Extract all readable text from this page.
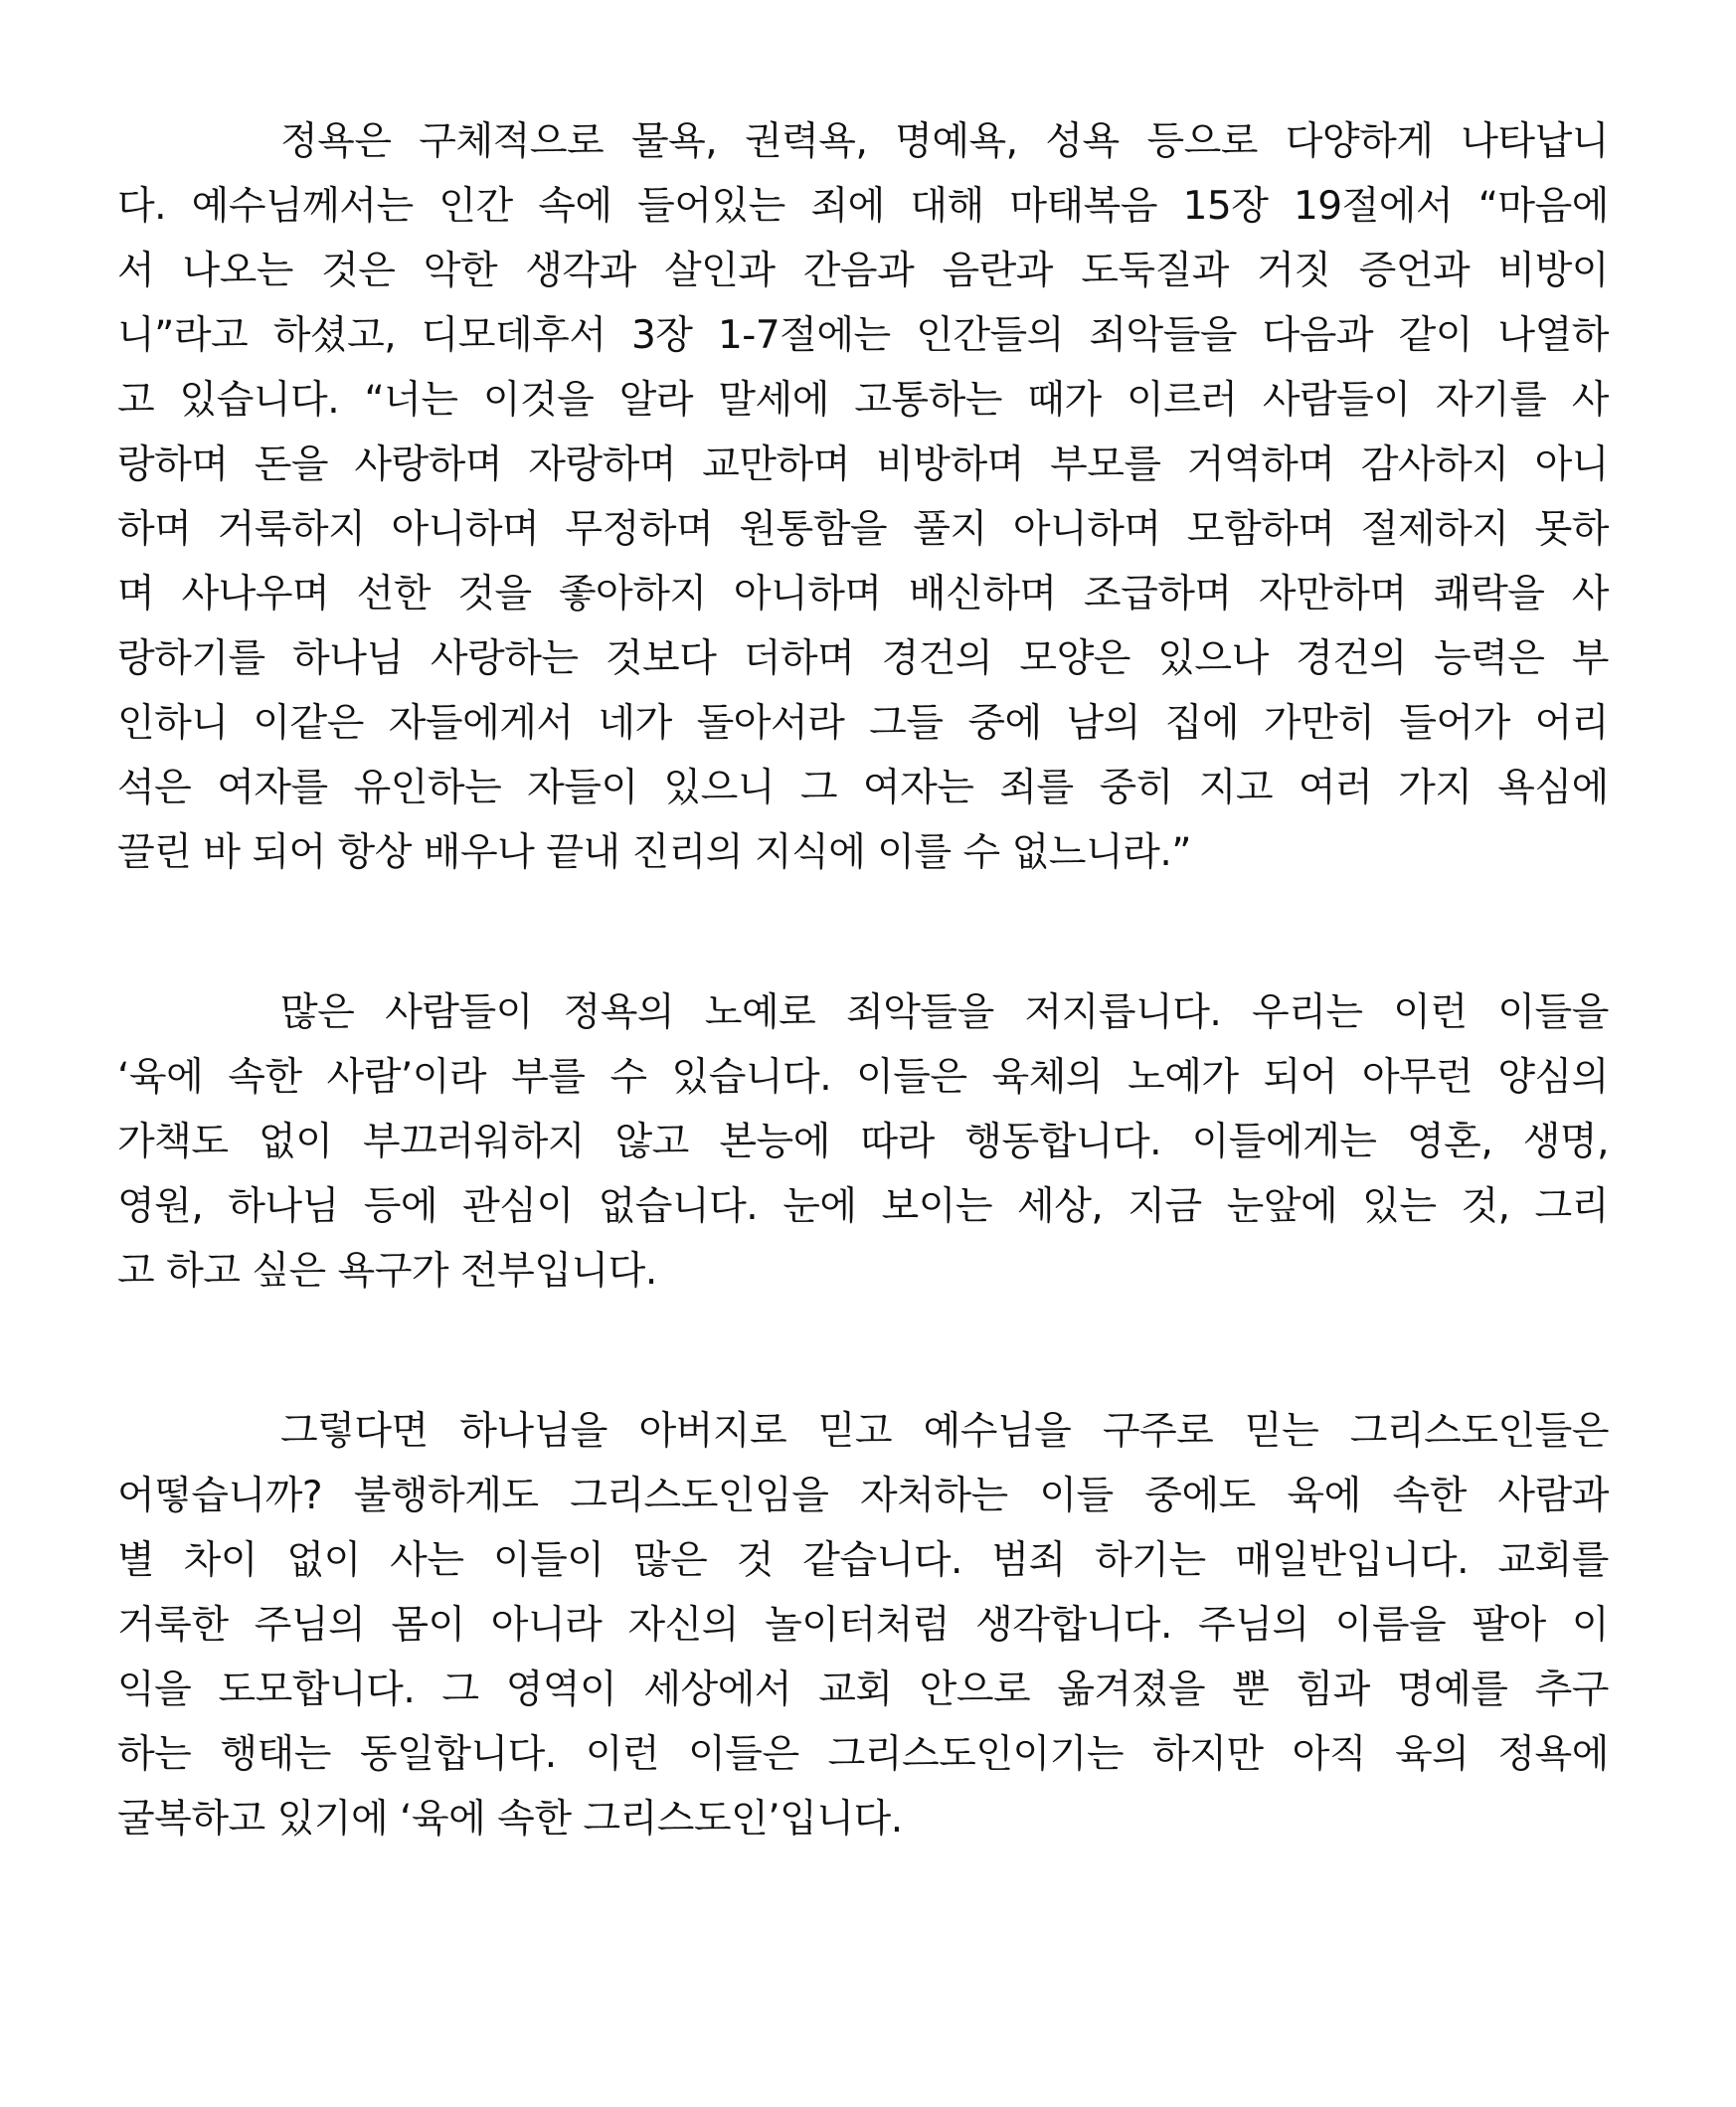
정욕은 구체적으로 물욕, 권력욕, 명예욕, 성욕 등으로 다양하게 나타납니
다. 예수님께서는 인간 속에 들어있는 죄에 대해 마태복음 15장 19절에서 “마음에
서 나오는 것은 악한 생각과 살인과 간음과 음란과 도둑질과 거짓 증언과 비방이
니”라고 하셨고, 디모데후서 3장 1-7절에는 인간들의 죄악들을 다음과 같이 나열하
고 있습니다. “너는 이것을 알라 말세에 고통하는 때가 이르러 사람들이 자기를 사
랑하며 돈을 사랑하며 자랑하며 교만하며 비방하며 부모를 거역하며 감사하지 아니
하며 거룩하지 아니하며 무정하며 원통함을 풀지 아니하며 모함하며 절제하지 못하
며 사나우며 선한 것을 좋아하지 아니하며 배신하며 조급하며 자만하며 쾌락을 사
랑하기를 하나님 사랑하는 것보다 더하며 경건의 모양은 있으나 경건의 능력은 부
인하니 이같은 자들에게서 네가 돌아서라 그들 중에 남의 집에 가만히 들어가 어리
석은 여자를 유인하는 자들이 있으니 그 여자는 죄를 중히 지고 여러 가지 욕심에
끌린 바 되어 항상 배우나 끝내 진리의 지식에 이를 수 없느니라.”
많은 사람들이 정욕의 노예로 죄악들을 저지릅니다. 우리는 이런 이들을
‘육에 속한 사람’이라 부를 수 있습니다. 이들은 육체의 노예가 되어 아무런 양심의
가책도 없이 부끄러워하지 않고 본능에 따라 행동합니다. 이들에게는 영혼, 생명,
영원, 하나님 등에 관심이 없습니다. 눈에 보이는 세상, 지금 눈앞에 있는 것, 그리
고 하고 싶은 욕구가 전부입니다.
그렇다면 하나님을 아버지로 믿고 예수님을 구주로 믿는 그리스도인들은
어떻습니까? 불행하게도 그리스도인임을 자처하는 이들 중에도 육에 속한 사람과
별 차이 없이 사는 이들이 많은 것 같습니다. 범죄 하기는 매일반입니다. 교회를
거룩한 주님의 몸이 아니라 자신의 놀이터처럼 생각합니다. 주님의 이름을 팔아 이
익을 도모합니다. 그 영역이 세상에서 교회 안으로 옮겨졌을 뿐 힘과 명예를 추구
하는 행태는 동일합니다. 이런 이들은 그리스도인이기는 하지만 아직 육의 정욕에
굴복하고 있기에 ‘육에 속한 그리스도인’입니다.
